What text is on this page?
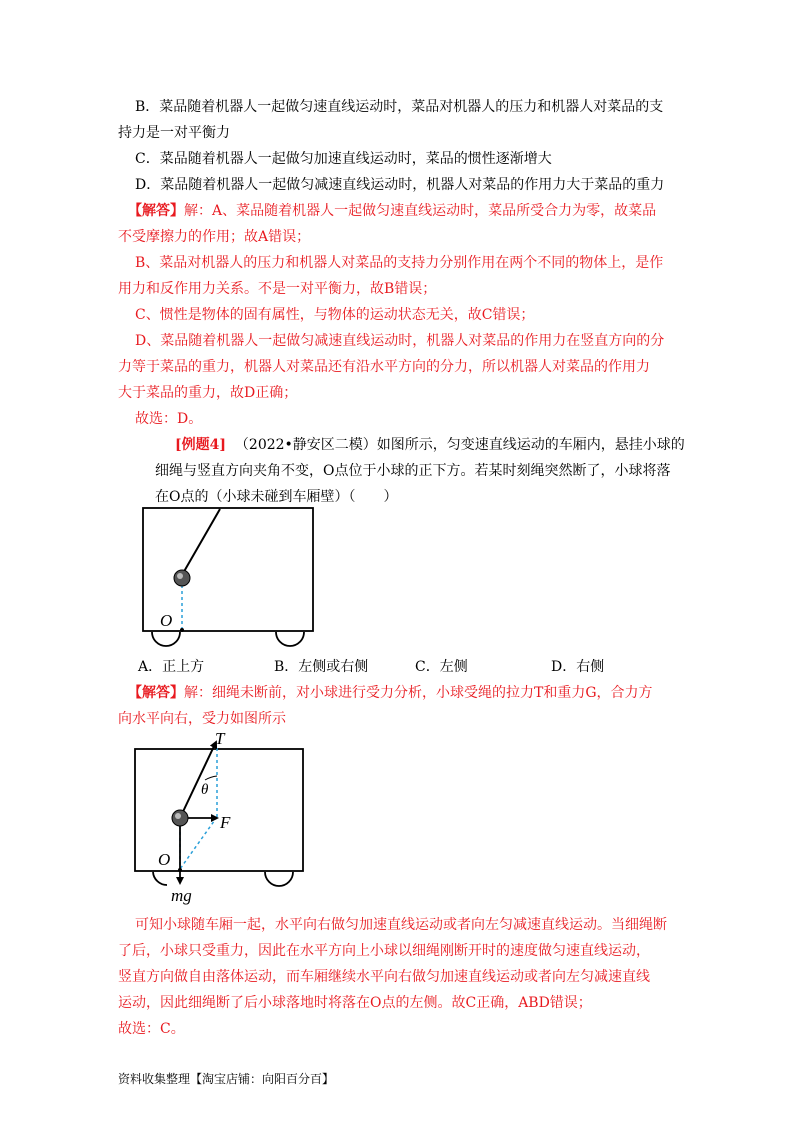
B．菜品随着机器人一起做匀速直线运动时，菜品对机器人的压力和机器人对菜品的支
持力是一对平衡力
C．菜品随着机器人一起做匀加速直线运动时，菜品的惯性逐渐增大
D．菜品随着机器人一起做匀减速直线运动时，机器人对菜品的作用力大于菜品的重力
【解答】解：A、菜品随着机器人一起做匀速直线运动时，菜品所受合力为零，故菜品
不受摩擦力的作用；故A错误；
B、菜品对机器人的压力和机器人对菜品的支持力分别作用在两个不同的物体上，是作
用力和反作用力关系。不是一对平衡力，故B错误；
C、惯性是物体的固有属性，与物体的运动状态无关，故C错误；
D、菜品随着机器人一起做匀减速直线运动时，机器人对菜品的作用力在竖直方向的分
力等于菜品的重力，机器人对菜品还有沿水平方向的分力，所以机器人对菜品的作用力
大于菜品的重力，故D正确；
故选：D。
[例题4] （2022•静安区二模）如图所示，匀变速直线运动的车厢内，悬挂小球的
细绳与竖直方向夹角不变，O点位于小球的正下方。若某时刻绳突然断了，小球将落
在O点的（小球未碰到车厢壁）（　　）
O
A．正上方	B．左侧或右侧	C．左侧	D．右侧
【解答】解：细绳未断前，对小球进行受力分析，小球受绳的拉力T和重力G，合力方
向水平向右，受力如图所示
T
θ
F
O
mg
可知小球随车厢一起，水平向右做匀加速直线运动或者向左匀减速直线运动。当细绳断
了后，小球只受重力，因此在水平方向上小球以细绳刚断开时的速度做匀速直线运动，
竖直方向做自由落体运动，而车厢继续水平向右做匀加速直线运动或者向左匀减速直线
运动，因此细绳断了后小球落地时将落在O点的左侧。故C正确，ABD错误；
故选：C。
资料收集整理【淘宝店铺：向阳百分百】
